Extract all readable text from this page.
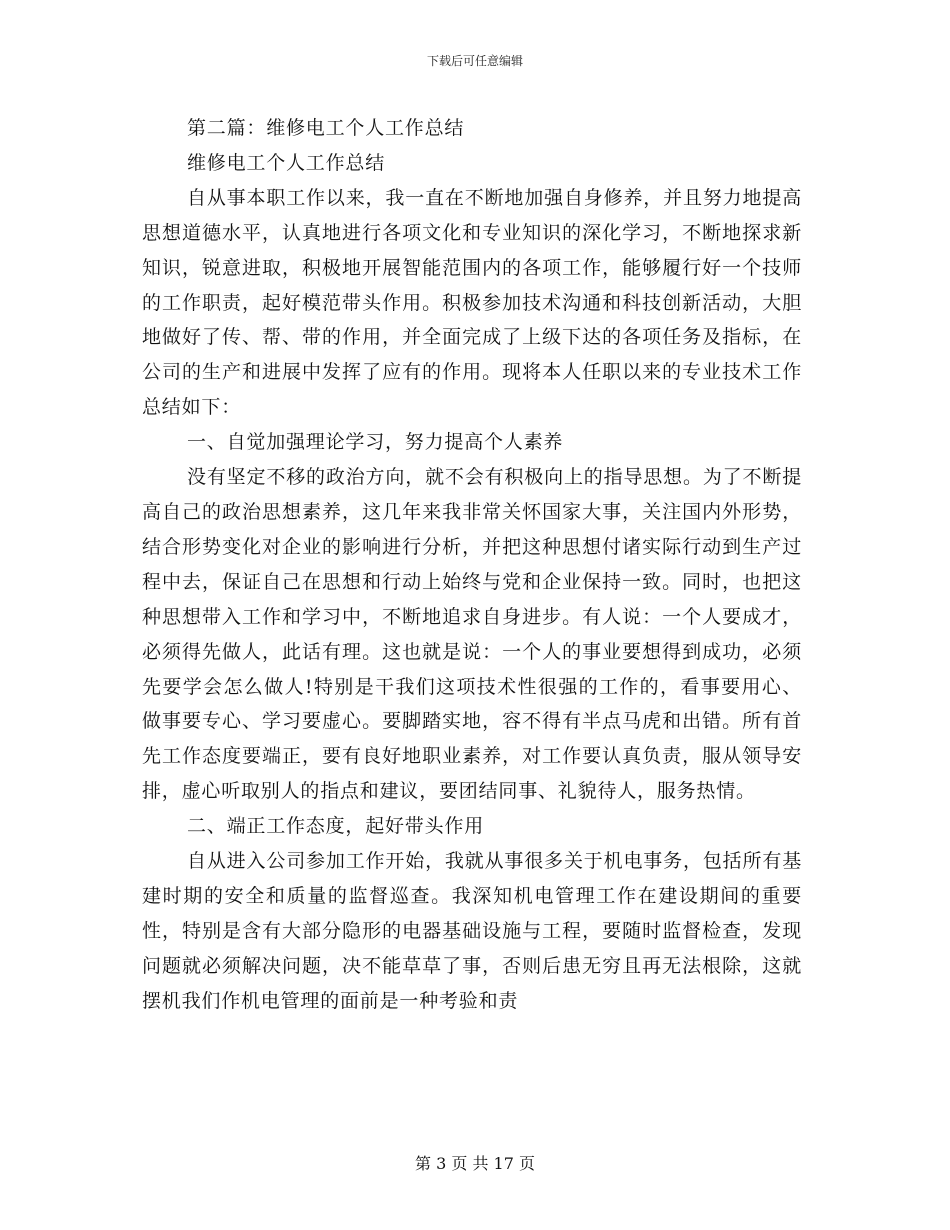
下载后可任意编辑

第二篇：维修电工个人工作总结

维修电工个人工作总结

自从事本职工作以来，我一直在不断地加强自身修养，并且努力地提高思想道德水平，认真地进行各项文化和专业知识的深化学习，不断地探求新知识，锐意进取，积极地开展智能范围内的各项工作，能够履行好一个技师的工作职责，起好模范带头作用。积极参加技术沟通和科技创新活动，大胆地做好了传、帮、带的作用，并全面完成了上级下达的各项任务及指标，在公司的生产和进展中发挥了应有的作用。现将本人任职以来的专业技术工作总结如下：

一、自觉加强理论学习，努力提高个人素养

没有坚定不移的政治方向，就不会有积极向上的指导思想。为了不断提高自己的政治思想素养，这几年来我非常关怀国家大事，关注国内外形势，结合形势变化对企业的影响进行分析，并把这种思想付诸实际行动到生产过程中去，保证自己在思想和行动上始终与党和企业保持一致。同时，也把这种思想带入工作和学习中，不断地追求自身进步。有人说：一个人要成才，必须得先做人，此话有理。这也就是说：一个人的事业要想得到成功，必须先要学会怎么做人!特别是干我们这项技术性很强的工作的，看事要用心、做事要专心、学习要虚心。要脚踏实地，容不得有半点马虎和出错。所有首先工作态度要端正，要有良好地职业素养，对工作要认真负责，服从领导安排，虚心听取别人的指点和建议，要团结同事、礼貌待人，服务热情。

二、端正工作态度，起好带头作用

自从进入公司参加工作开始，我就从事很多关于机电事务，包括所有基建时期的安全和质量的监督巡查。我深知机电管理工作在建设期间的重要性，特别是含有大部分隐形的电器基础设施与工程，要随时监督检查，发现问题就必须解决问题，决不能草草了事，否则后患无穷且再无法根除，这就摆机我们作机电管理的面前是一种考验和责

第 3 页 共 17 页
